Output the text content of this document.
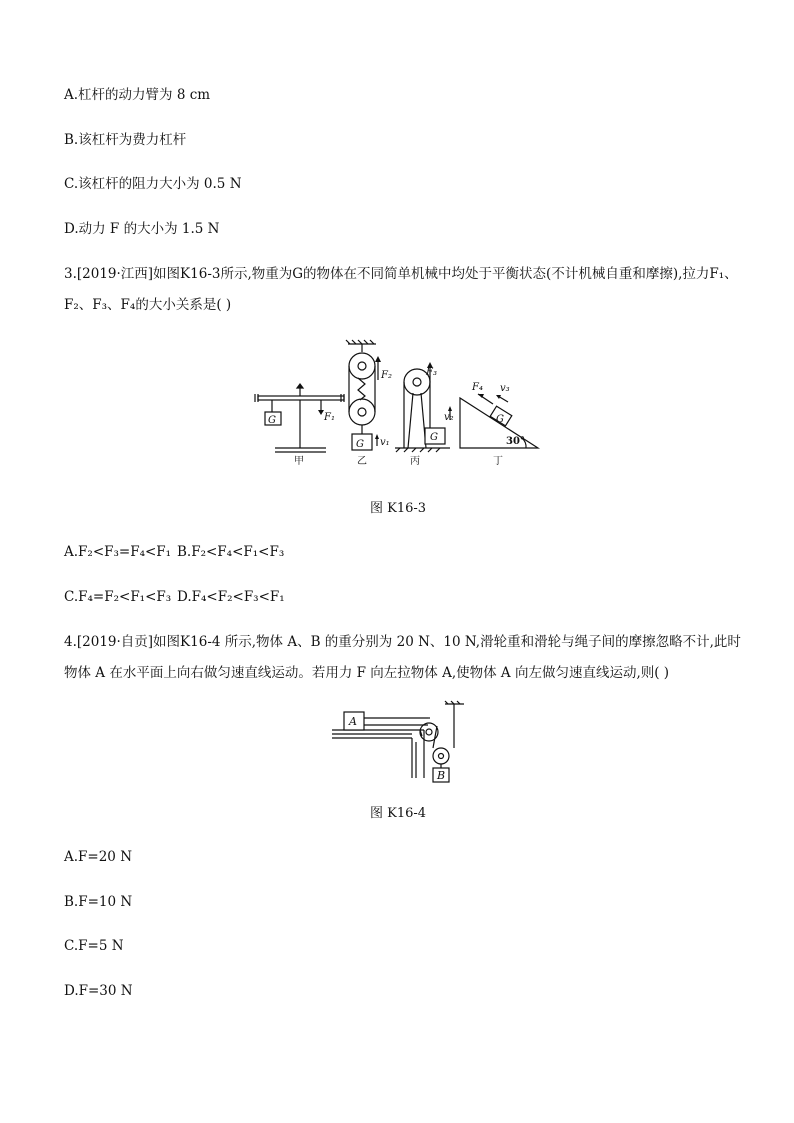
A.杠杆的动力臂为 8 cm
B.该杠杆为费力杠杆
C.该杠杆的阻力大小为 0.5 N
D.动力 F 的大小为 1.5 N
3.[2019·江西]如图K16-3所示,物重为G的物体在不同简单机械中均处于平衡状态(不计机械自重和摩擦),拉力F₁、
F₂、F₃、F₄的大小关系是( )
G	F₁
G
F₂
v₁	G
F₃
v₂	G
F₄ v₃
30°
甲	乙	丙	丁
图 K16-3
A.F₂<F₃=F₄<F₁ B.F₂<F₄<F₁<F₃
C.F₄=F₂<F₁<F₃ D.F₄<F₂<F₃<F₁
4.[2019·自贡]如图K16-4 所示,物体 A、B 的重分别为 20 N、10 N,滑轮重和滑轮与绳子间的摩擦忽略不计,此时
物体 A 在水平面上向右做匀速直线运动。若用力 F 向左拉物体 A,使物体 A 向左做匀速直线运动,则( )
A
B
图 K16-4
A.F=20 N
B.F=10 N
C.F=5 N
D.F=30 N
